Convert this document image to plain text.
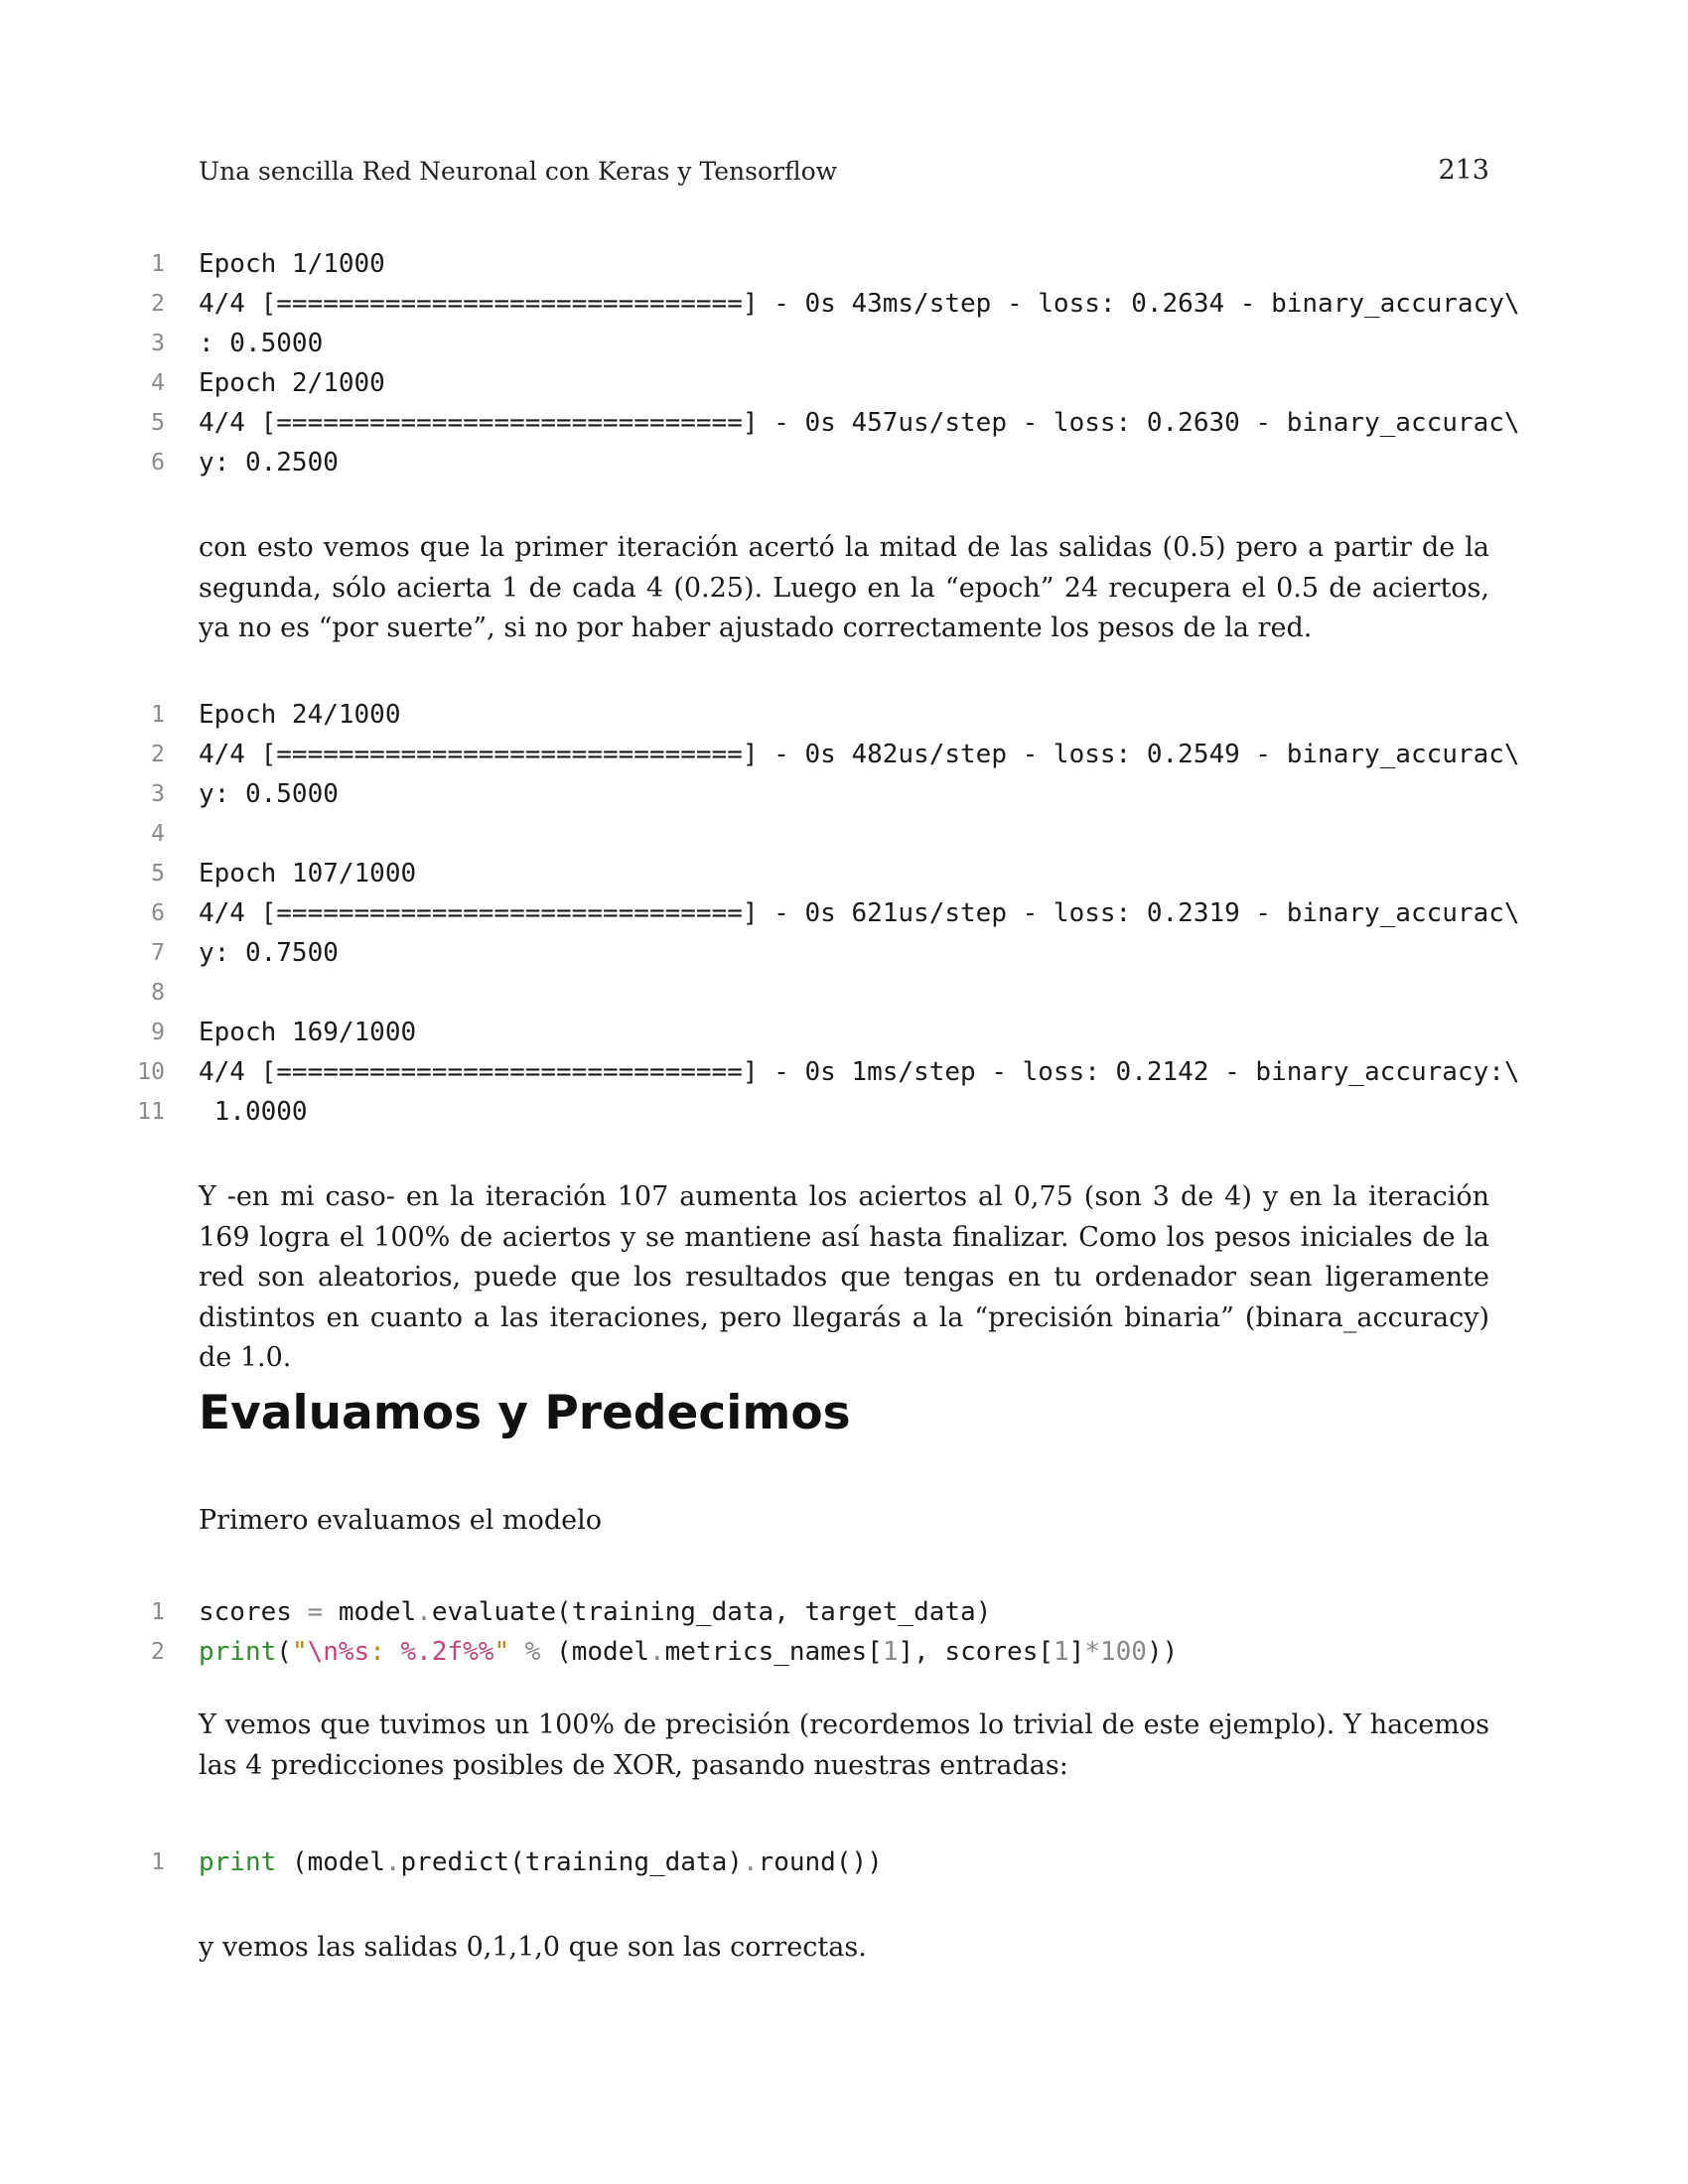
Una sencilla Red Neuronal con Keras y Tensorflow	213
1 Epoch 1/1000
2 4/4 [==============================] - 0s 43ms/step - loss: 0.2634 - binary_accuracy\
3 : 0.5000
4 Epoch 2/1000
5 4/4 [==============================] - 0s 457us/step - loss: 0.2630 - binary_accurac\
6 y: 0.2500

con esto vemos que la primer iteración acertó la mitad de las salidas (0.5) pero a partir de la segunda, sólo acierta 1 de cada 4 (0.25). Luego en la “epoch” 24 recupera el 0.5 de aciertos, ya no es “por suerte”, si no por haber ajustado correctamente los pesos de la red.

1 Epoch 24/1000
2 4/4 [==============================] - 0s 482us/step - loss: 0.2549 - binary_accurac\
3 y: 0.5000
4
5 Epoch 107/1000
6 4/4 [==============================] - 0s 621us/step - loss: 0.2319 - binary_accurac\
7 y: 0.7500
8
9 Epoch 169/1000
10 4/4 [==============================] - 0s 1ms/step - loss: 0.2142 - binary_accuracy:\
11 1.0000

Y -en mi caso- en la iteración 107 aumenta los aciertos al 0,75 (son 3 de 4) y en la iteración 169 logra el 100% de aciertos y se mantiene así hasta finalizar. Como los pesos iniciales de la red son aleatorios, puede que los resultados que tengas en tu ordenador sean ligeramente distintos en cuanto a las iteraciones, pero llegarás a la “precisión binaria” (binara_accuracy) de 1.0.

Evaluamos y Predecimos

Primero evaluamos el modelo

1 scores = model.evaluate(training_data, target_data)
2 print("\n%s: %.2f%%" % (model.metrics_names[1], scores[1]*100))

Y vemos que tuvimos un 100% de precisión (recordemos lo trivial de este ejemplo). Y hacemos las 4 predicciones posibles de XOR, pasando nuestras entradas:

1 print (model.predict(training_data).round())

y vemos las salidas 0,1,1,0 que son las correctas.
